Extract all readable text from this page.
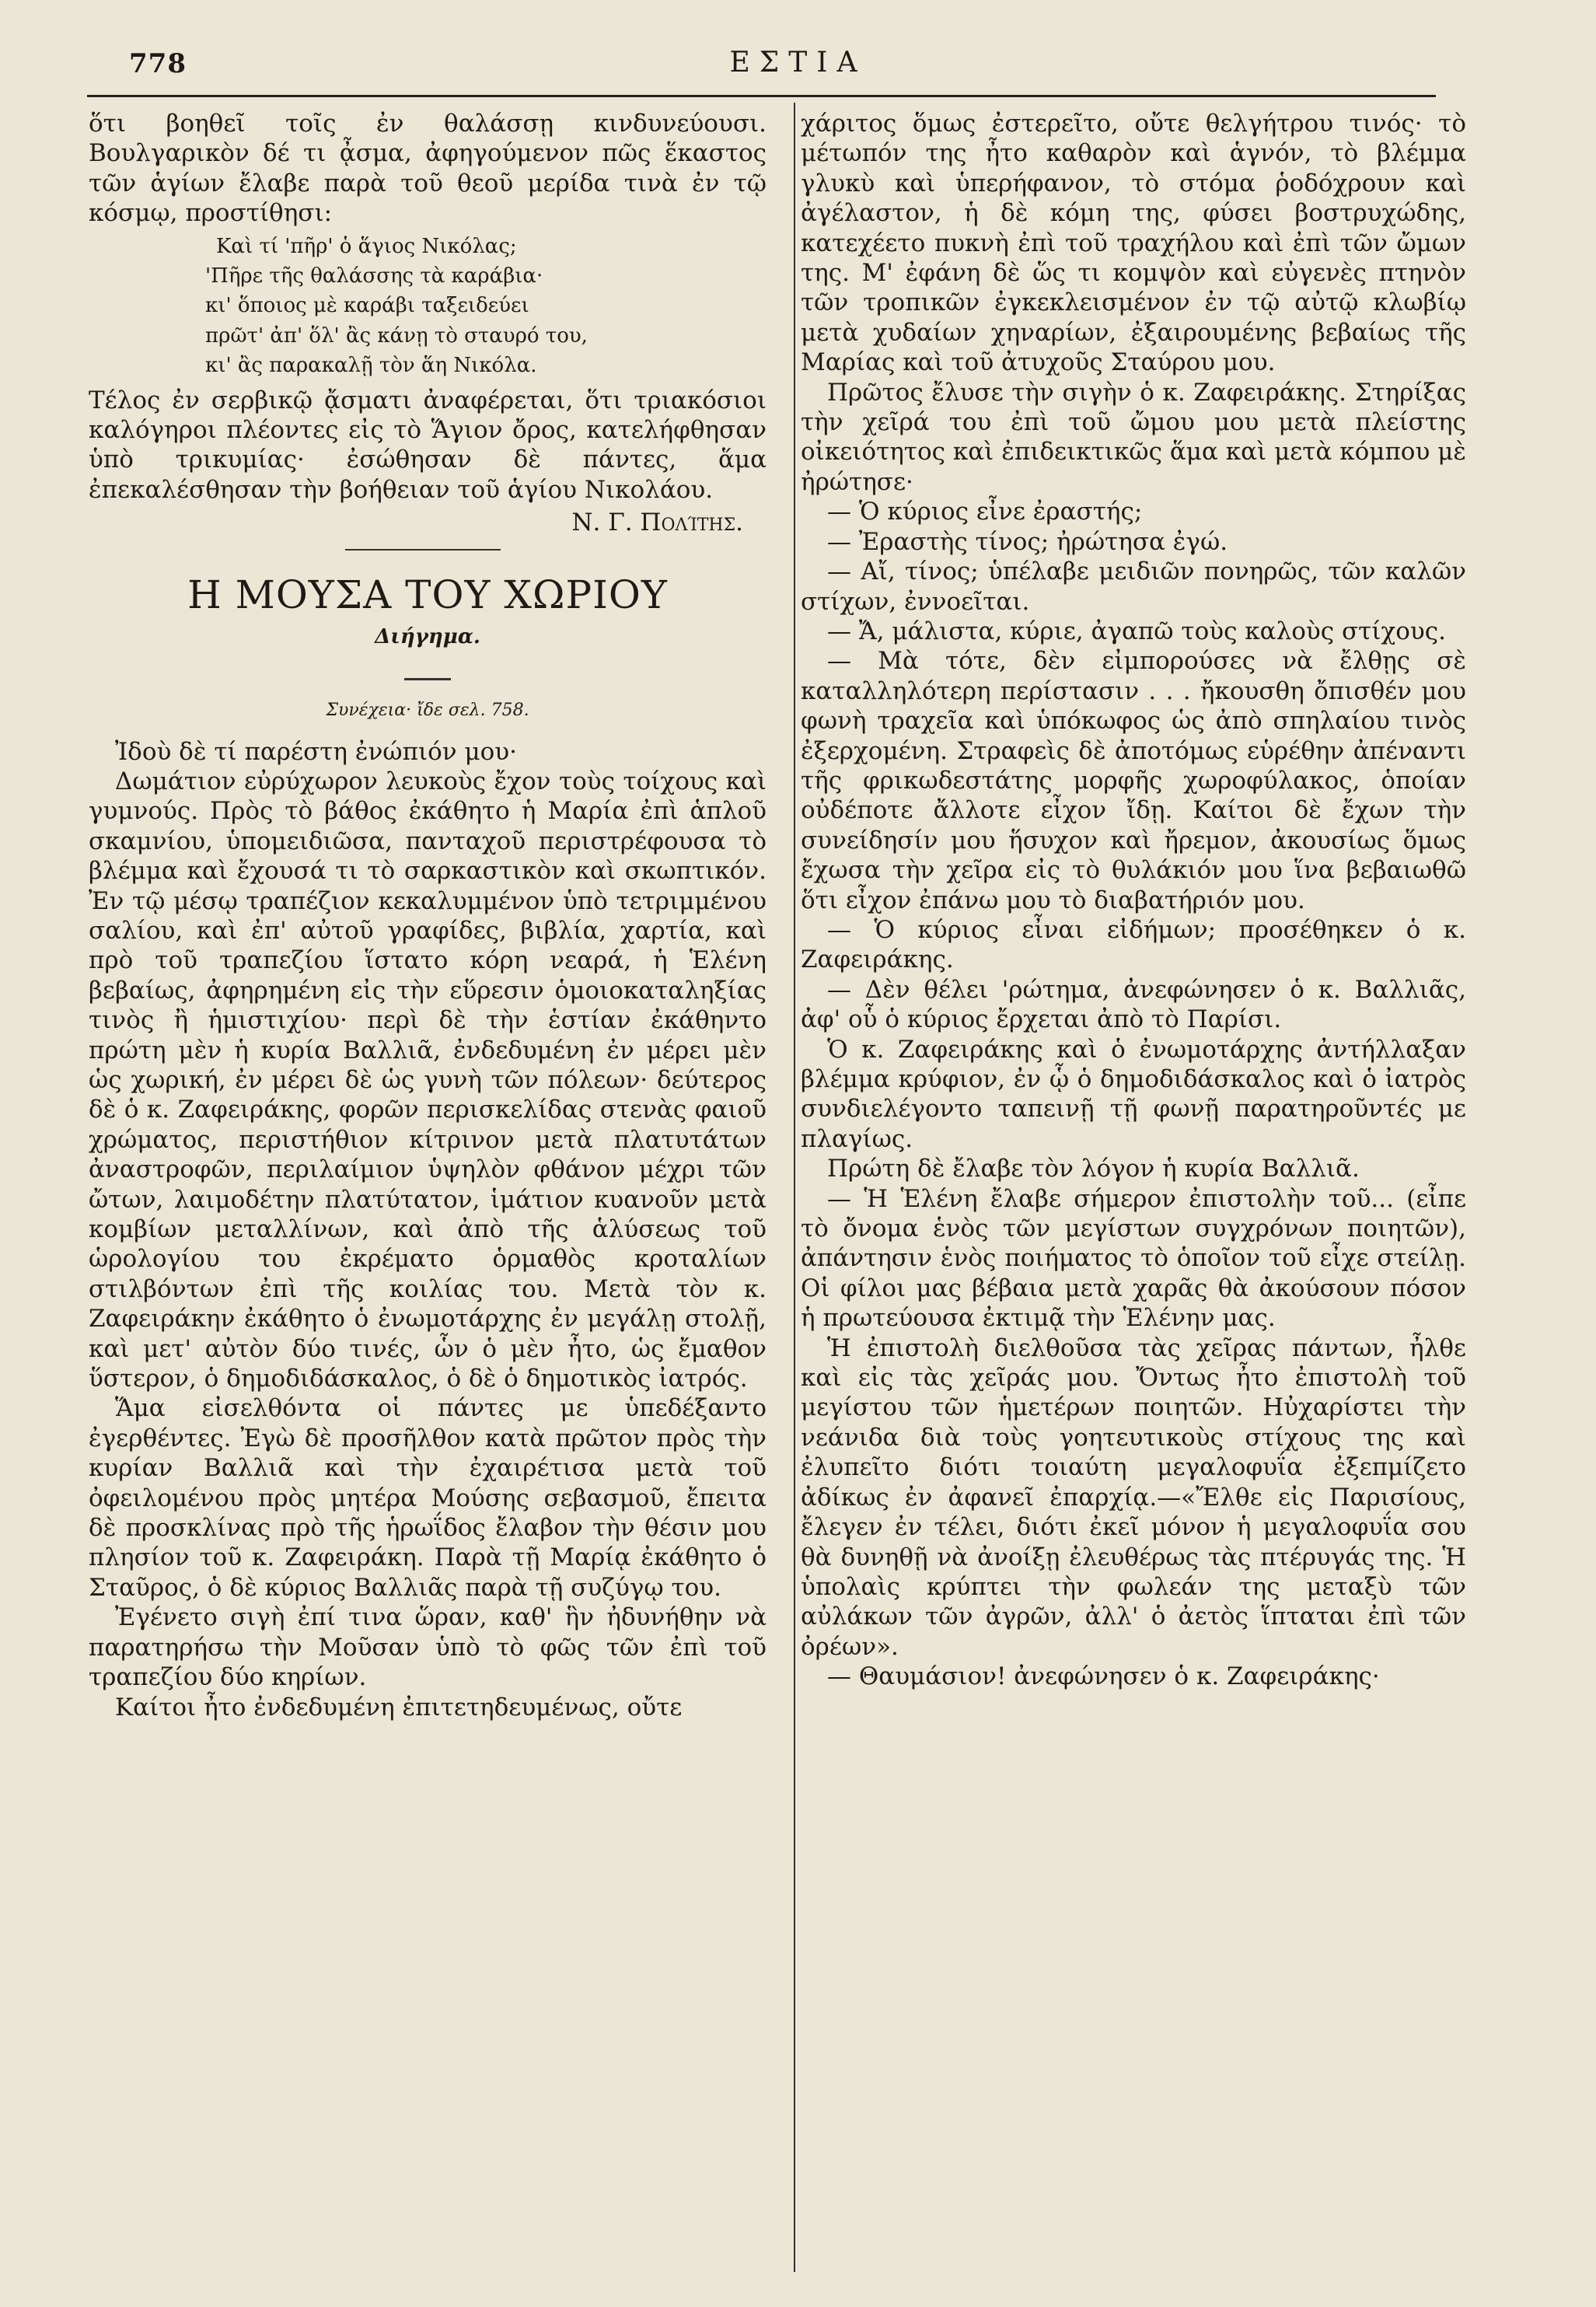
778	ΕΣΤΙΑ

ὅτι βοηθεῖ τοῖς ἐν θαλάσσῃ κινδυνεύουσι. Βουλγαρικὸν δέ τι ᾆσμα, ἀφηγούμενον πῶς ἕκαστος τῶν ἁγίων ἔλαβε παρὰ τοῦ θεοῦ μερίδα τινὰ ἐν τῷ κόσμῳ, προστίθησι:

Καὶ τί 'πῆρ' ὁ ἅγιος Νικόλας;
'Πῆρε τῆς θαλάσσης τὰ καράβια·
κι' ὅποιος μὲ καράβι ταξειδεύει
πρῶτ' ἀπ' ὅλ' ἂς κάνῃ τὸ σταυρό του,
κι' ἂς παρακαλῇ τὸν ἅη Νικόλα.

Τέλος ἐν σερβικῷ ᾄσματι ἀναφέρεται, ὅτι τριακόσιοι καλόγηροι πλέοντες εἰς τὸ Ἅγιον ὄρος, κατελήφθησαν ὑπὸ τρικυμίας· ἐσώθησαν δὲ πάντες, ἅμα ἐπεκαλέσθησαν τὴν βοήθειαν τοῦ ἁγίου Νικολάου.

Ν. Γ. Πολίτης.
Η ΜΟΥΣΑ ΤΟΥ ΧΩΡΙΟΥ
Διήγημα.
Συνέχεια· ἴδε σελ. 758.

Ἰδοὺ δὲ τί παρέστη ἐνώπιόν μου·

Δωμάτιον εὐρύχωρον λευκοὺς ἔχον τοὺς τοίχους καὶ γυμνούς. Πρὸς τὸ βάθος ἐκάθητο ἡ Μαρία ἐπὶ ἁπλοῦ σκαμνίου, ὑπομειδιῶσα, πανταχοῦ περιστρέφουσα τὸ βλέμμα καὶ ἔχουσά τι τὸ σαρκαστικὸν καὶ σκωπτικόν. Ἐν τῷ μέσῳ τραπέζιον κεκαλυμμένον ὑπὸ τετριμμένου σαλίου, καὶ ἐπ' αὐτοῦ γραφίδες, βιβλία, χαρτία, καὶ πρὸ τοῦ τραπεζίου ἵστατο κόρη νεαρά, ἡ Ἑλένη βεβαίως, ἀφηρημένη εἰς τὴν εὕρεσιν ὁμοιοκαταληξίας τινὸς ἢ ἡμιστιχίου· περὶ δὲ τὴν ἑστίαν ἐκάθηντο πρώτη μὲν ἡ κυρία Βαλλιᾶ, ἐνδεδυμένη ἐν μέρει μὲν ὡς χωρική, ἐν μέρει δὲ ὡς γυνὴ τῶν πόλεων· δεύτερος δὲ ὁ κ. Ζαφειράκης, φορῶν περισκελίδας στενὰς φαιοῦ χρώματος, περιστήθιον κίτρινον μετὰ πλατυτάτων ἀναστροφῶν, περιλαίμιον ὑψηλὸν φθάνον μέχρι τῶν ὤτων, λαιμοδέτην πλατύτατον, ἱμάτιον κυανοῦν μετὰ κομβίων μεταλλίνων, καὶ ἀπὸ τῆς ἁλύσεως τοῦ ὡρολογίου του ἐκρέματο ὁρμαθὸς κροταλίων στιλβόντων ἐπὶ τῆς κοιλίας του. Μετὰ τὸν κ. Ζαφειράκην ἐκάθητο ὁ ἐνωμοτάρχης ἐν μεγάλῃ στολῇ, καὶ μετ' αὐτὸν δύο τινές, ὧν ὁ μὲν ἦτο, ὡς ἔμαθον ὕστερον, ὁ δημοδιδάσκαλος, ὁ δὲ ὁ δημοτικὸς ἰατρός.

Ἅμα εἰσελθόντα οἱ πάντες με ὑπεδέξαντο ἐγερθέντες. Ἐγὼ δὲ προσῆλθον κατὰ πρῶτον πρὸς τὴν κυρίαν Βαλλιᾶ καὶ τὴν ἐχαιρέτισα μετὰ τοῦ ὀφειλομένου πρὸς μητέρα Μούσης σεβασμοῦ, ἔπειτα δὲ προσκλίνας πρὸ τῆς ἡρωΐδος ἔλαβον τὴν θέσιν μου πλησίον τοῦ κ. Ζαφειράκη. Παρὰ τῇ Μαρίᾳ ἐκάθητο ὁ Σταῦρος, ὁ δὲ κύριος Βαλλιᾶς παρὰ τῇ συζύγῳ του.

Ἐγένετο σιγὴ ἐπί τινα ὥραν, καθ' ἣν ἠδυνήθην νὰ παρατηρήσω τὴν Μοῦσαν ὑπὸ τὸ φῶς τῶν ἐπὶ τοῦ τραπεζίου δύο κηρίων.

Καίτοι ἦτο ἐνδεδυμένη ἐπιτετηδευμένως, οὔτε

χάριτος ὅμως ἐστερεῖτο, οὔτε θελγήτρου τινός· τὸ μέτωπόν της ἦτο καθαρὸν καὶ ἁγνόν, τὸ βλέμμα γλυκὺ καὶ ὑπερήφανον, τὸ στόμα ῥοδόχρουν καὶ ἀγέλαστον, ἡ δὲ κόμη της, φύσει βοστρυχώδης, κατεχέετο πυκνὴ ἐπὶ τοῦ τραχήλου καὶ ἐπὶ τῶν ὤμων της. Μ' ἐφάνη δὲ ὥς τι κομψὸν καὶ εὐγενὲς πτηνὸν τῶν τροπικῶν ἐγκεκλεισμένον ἐν τῷ αὐτῷ κλωβίῳ μετὰ χυδαίων χηναρίων, ἐξαιρουμένης βεβαίως τῆς Μαρίας καὶ τοῦ ἀτυχοῦς Σταύρου μου.

Πρῶτος ἔλυσε τὴν σιγὴν ὁ κ. Ζαφειράκης. Στηρίξας τὴν χεῖρά του ἐπὶ τοῦ ὤμου μου μετὰ πλείστης οἰκειότητος καὶ ἐπιδεικτικῶς ἅμα καὶ μετὰ κόμπου μὲ ἠρώτησε·

— Ὁ κύριος εἶνε ἐραστής;

— Ἐραστὴς τίνος; ἠρώτησα ἐγώ.

— Αἴ, τίνος; ὑπέλαβε μειδιῶν πονηρῶς, τῶν καλῶν στίχων, ἐννοεῖται.

— Ἄ, μάλιστα, κύριε, ἀγαπῶ τοὺς καλοὺς στίχους.

— Μὰ τότε, δὲν εἰμπορούσες νὰ ἔλθῃς σὲ καταλληλότερη περίστασιν . . . ἤκουσθη ὄπισθέν μου φωνὴ τραχεῖα καὶ ὑπόκωφος ὡς ἀπὸ σπηλαίου τινὸς ἐξερχομένη. Στραφεὶς δὲ ἀποτόμως εὑρέθην ἀπέναντι τῆς φρικωδεστάτης μορφῆς χωροφύλακος, ὁποίαν οὐδέποτε ἄλλοτε εἶχον ἴδῃ. Καίτοι δὲ ἔχων τὴν συνείδησίν μου ἥσυχον καὶ ἤρεμον, ἀκουσίως ὅμως ἔχωσα τὴν χεῖρα εἰς τὸ θυλάκιόν μου ἵνα βεβαιωθῶ ὅτι εἶχον ἐπάνω μου τὸ διαβατήριόν μου.

— Ὁ κύριος εἶναι εἰδήμων; προσέθηκεν ὁ κ. Ζαφειράκης.

— Δὲν θέλει 'ρώτημα, ἀνεφώνησεν ὁ κ. Βαλλιᾶς, ἀφ' οὗ ὁ κύριος ἔρχεται ἀπὸ τὸ Παρίσι.

Ὁ κ. Ζαφειράκης καὶ ὁ ἐνωμοτάρχης ἀντήλλαξαν βλέμμα κρύφιον, ἐν ᾧ ὁ δημοδιδάσκαλος καὶ ὁ ἰατρὸς συνδιελέγοντο ταπεινῇ τῇ φωνῇ παρατηροῦντές με πλαγίως.

Πρώτη δὲ ἔλαβε τὸν λόγον ἡ κυρία Βαλλιᾶ.

— Ἡ Ἑλένη ἔλαβε σήμερον ἐπιστολὴν τοῦ... (εἶπε τὸ ὄνομα ἑνὸς τῶν μεγίστων συγχρόνων ποιητῶν), ἀπάντησιν ἑνὸς ποιήματος τὸ ὁποῖον τοῦ εἶχε στείλῃ. Οἱ φίλοι μας βέβαια μετὰ χαρᾶς θὰ ἀκούσουν πόσον ἡ πρωτεύουσα ἐκτιμᾷ τὴν Ἑλένην μας.

Ἡ ἐπιστολὴ διελθοῦσα τὰς χεῖρας πάντων, ἦλθε καὶ εἰς τὰς χεῖράς μου. Ὄντως ἦτο ἐπιστολὴ τοῦ μεγίστου τῶν ἡμετέρων ποιητῶν. Ηὐχαρίστει τὴν νεάνιδα διὰ τοὺς γοητευτικοὺς στίχους της καὶ ἐλυπεῖτο διότι τοιαύτη μεγαλοφυΐα ἐξεπμίζετο ἀδίκως ἐν ἀφανεῖ ἐπαρχίᾳ.—«Ἔλθε εἰς Παρισίους, ἔλεγεν ἐν τέλει, διότι ἐκεῖ μόνον ἡ μεγαλοφυΐα σου θὰ δυνηθῇ νὰ ἀνοίξῃ ἐλευθέρως τὰς πτέρυγάς της. Ἡ ὑπολαὶς κρύπτει τὴν φωλεάν της μεταξὺ τῶν αὐλάκων τῶν ἀγρῶν, ἀλλ' ὁ ἀετὸς ἵπταται ἐπὶ τῶν ὀρέων».

— Θαυμάσιον! ἀνεφώνησεν ὁ κ. Ζαφειράκης·
